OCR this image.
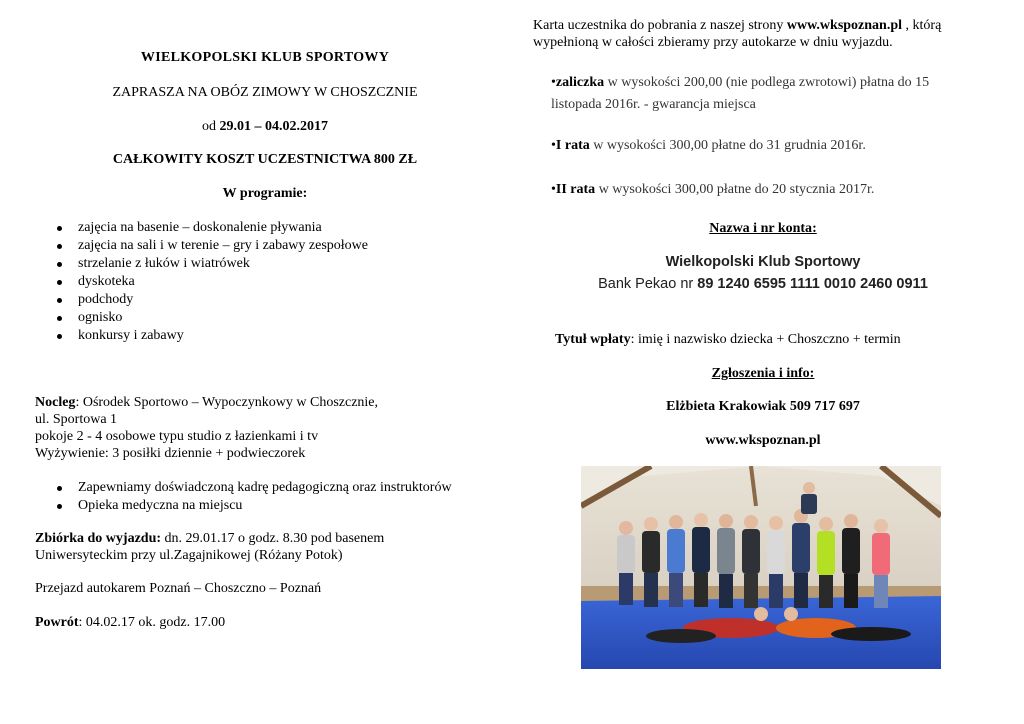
WIELKOPOLSKI KLUB SPORTOWY
ZAPRASZA NA OBÓZ ZIMOWY W CHOSZCZNIE
od 29.01 – 04.02.2017
CAŁKOWITY KOSZT UCZESTNICTWA 800 ZŁ
W programie:
zajęcia na basenie – doskonalenie pływania
zajęcia na sali i w terenie – gry i zabawy zespołowe
strzelanie z łuków i wiatrówek
dyskoteka
podchody
ognisko
konkursy i zabawy
Nocleg: Ośrodek Sportowo – Wypoczynkowy w Choszcznie,
ul. Sportowa 1
pokoje 2 - 4 osobowe typu studio z łazienkami i tv
Wyżywienie: 3 posiłki dziennie + podwieczorek
Zapewniamy doświadczoną kadrę pedagogiczną oraz instruktorów
Opieka medyczna na miejscu
Zbiórka do wyjazdu: dn. 29.01.17 o godz. 8.30 pod basenem
Uniwersyteckim przy ul.Zagajnikowej (Różany Potok)
Przejazd autokarem Poznań – Choszczno – Poznań
Powrót: 04.02.17 ok. godz. 17.00
Karta uczestnika do pobrania z naszej strony www.wkspoznan.pl , którą
wypełnioną w całości zbieramy przy autokarze w dniu wyjazdu.
•zaliczka w wysokości 200,00 (nie podlega zwrotowi) płatna do 15
listopada 2016r. - gwarancja miejsca
•I rata w wysokości 300,00 płatne do 31 grudnia 2016r.
•II rata w wysokości 300,00 płatne do 20 stycznia 2017r.
Nazwa i nr konta:
Wielkopolski Klub Sportowy
Bank Pekao nr 89 1240 6595 1111 0010 2460 0911
Tytuł wpłaty: imię i nazwisko dziecka + Choszczno + termin
Zgłoszenia i info:
Elżbieta Krakowiak 509 717 697
www.wkspoznan.pl
